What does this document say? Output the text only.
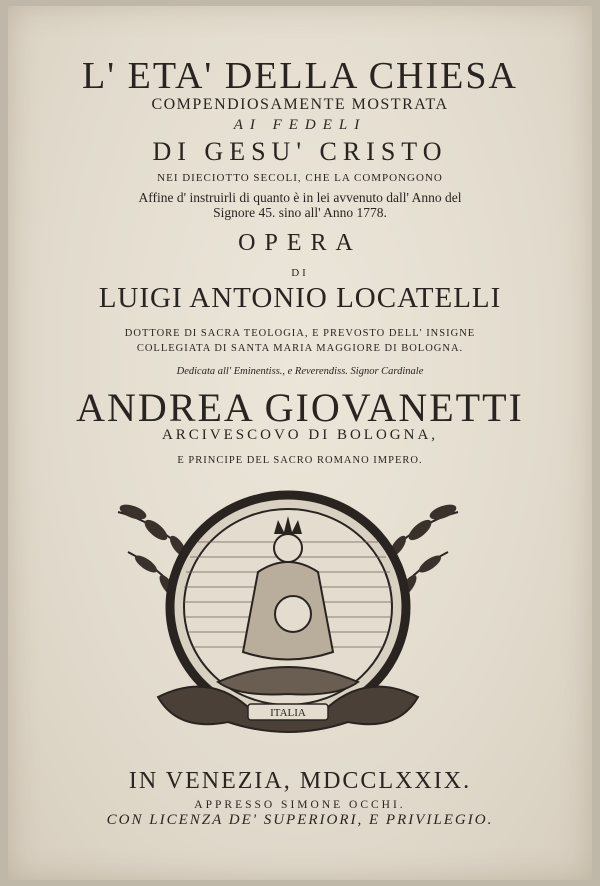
L' ETA' DELLA CHIESA
COMPENDIOSAMENTE MOSTRATA
AI FEDELI
DI GESU' CRISTO
NEI DIECIOTTO SECOLI, CHE LA COMPONGONO
Affine d' instruirli di quanto è in lei avvenuto dall' Anno del
Signore 45. sino all' Anno 1778.
OPERA
DI
LUIGI ANTONIO LOCATELLI
DOTTORE DI SACRA TEOLOGIA, E PREVOSTO DELL' INSIGNE
COLLEGIATA DI SANTA MARIA MAGGIORE DI BOLOGNA.
Dedicata all' Eminentiss., e Reverendiss. Signor Cardinale
ANDREA GIOVANETTI
ARCIVESCOVO DI BOLOGNA,
E PRINCIPE DEL SACRO ROMANO IMPERO.
ITALIA
IN VENEZIA, MDCCLXXIX.
APPRESSO SIMONE OCCHI.
CON LICENZA DE' SUPERIORI, E PRIVILEGIO.
